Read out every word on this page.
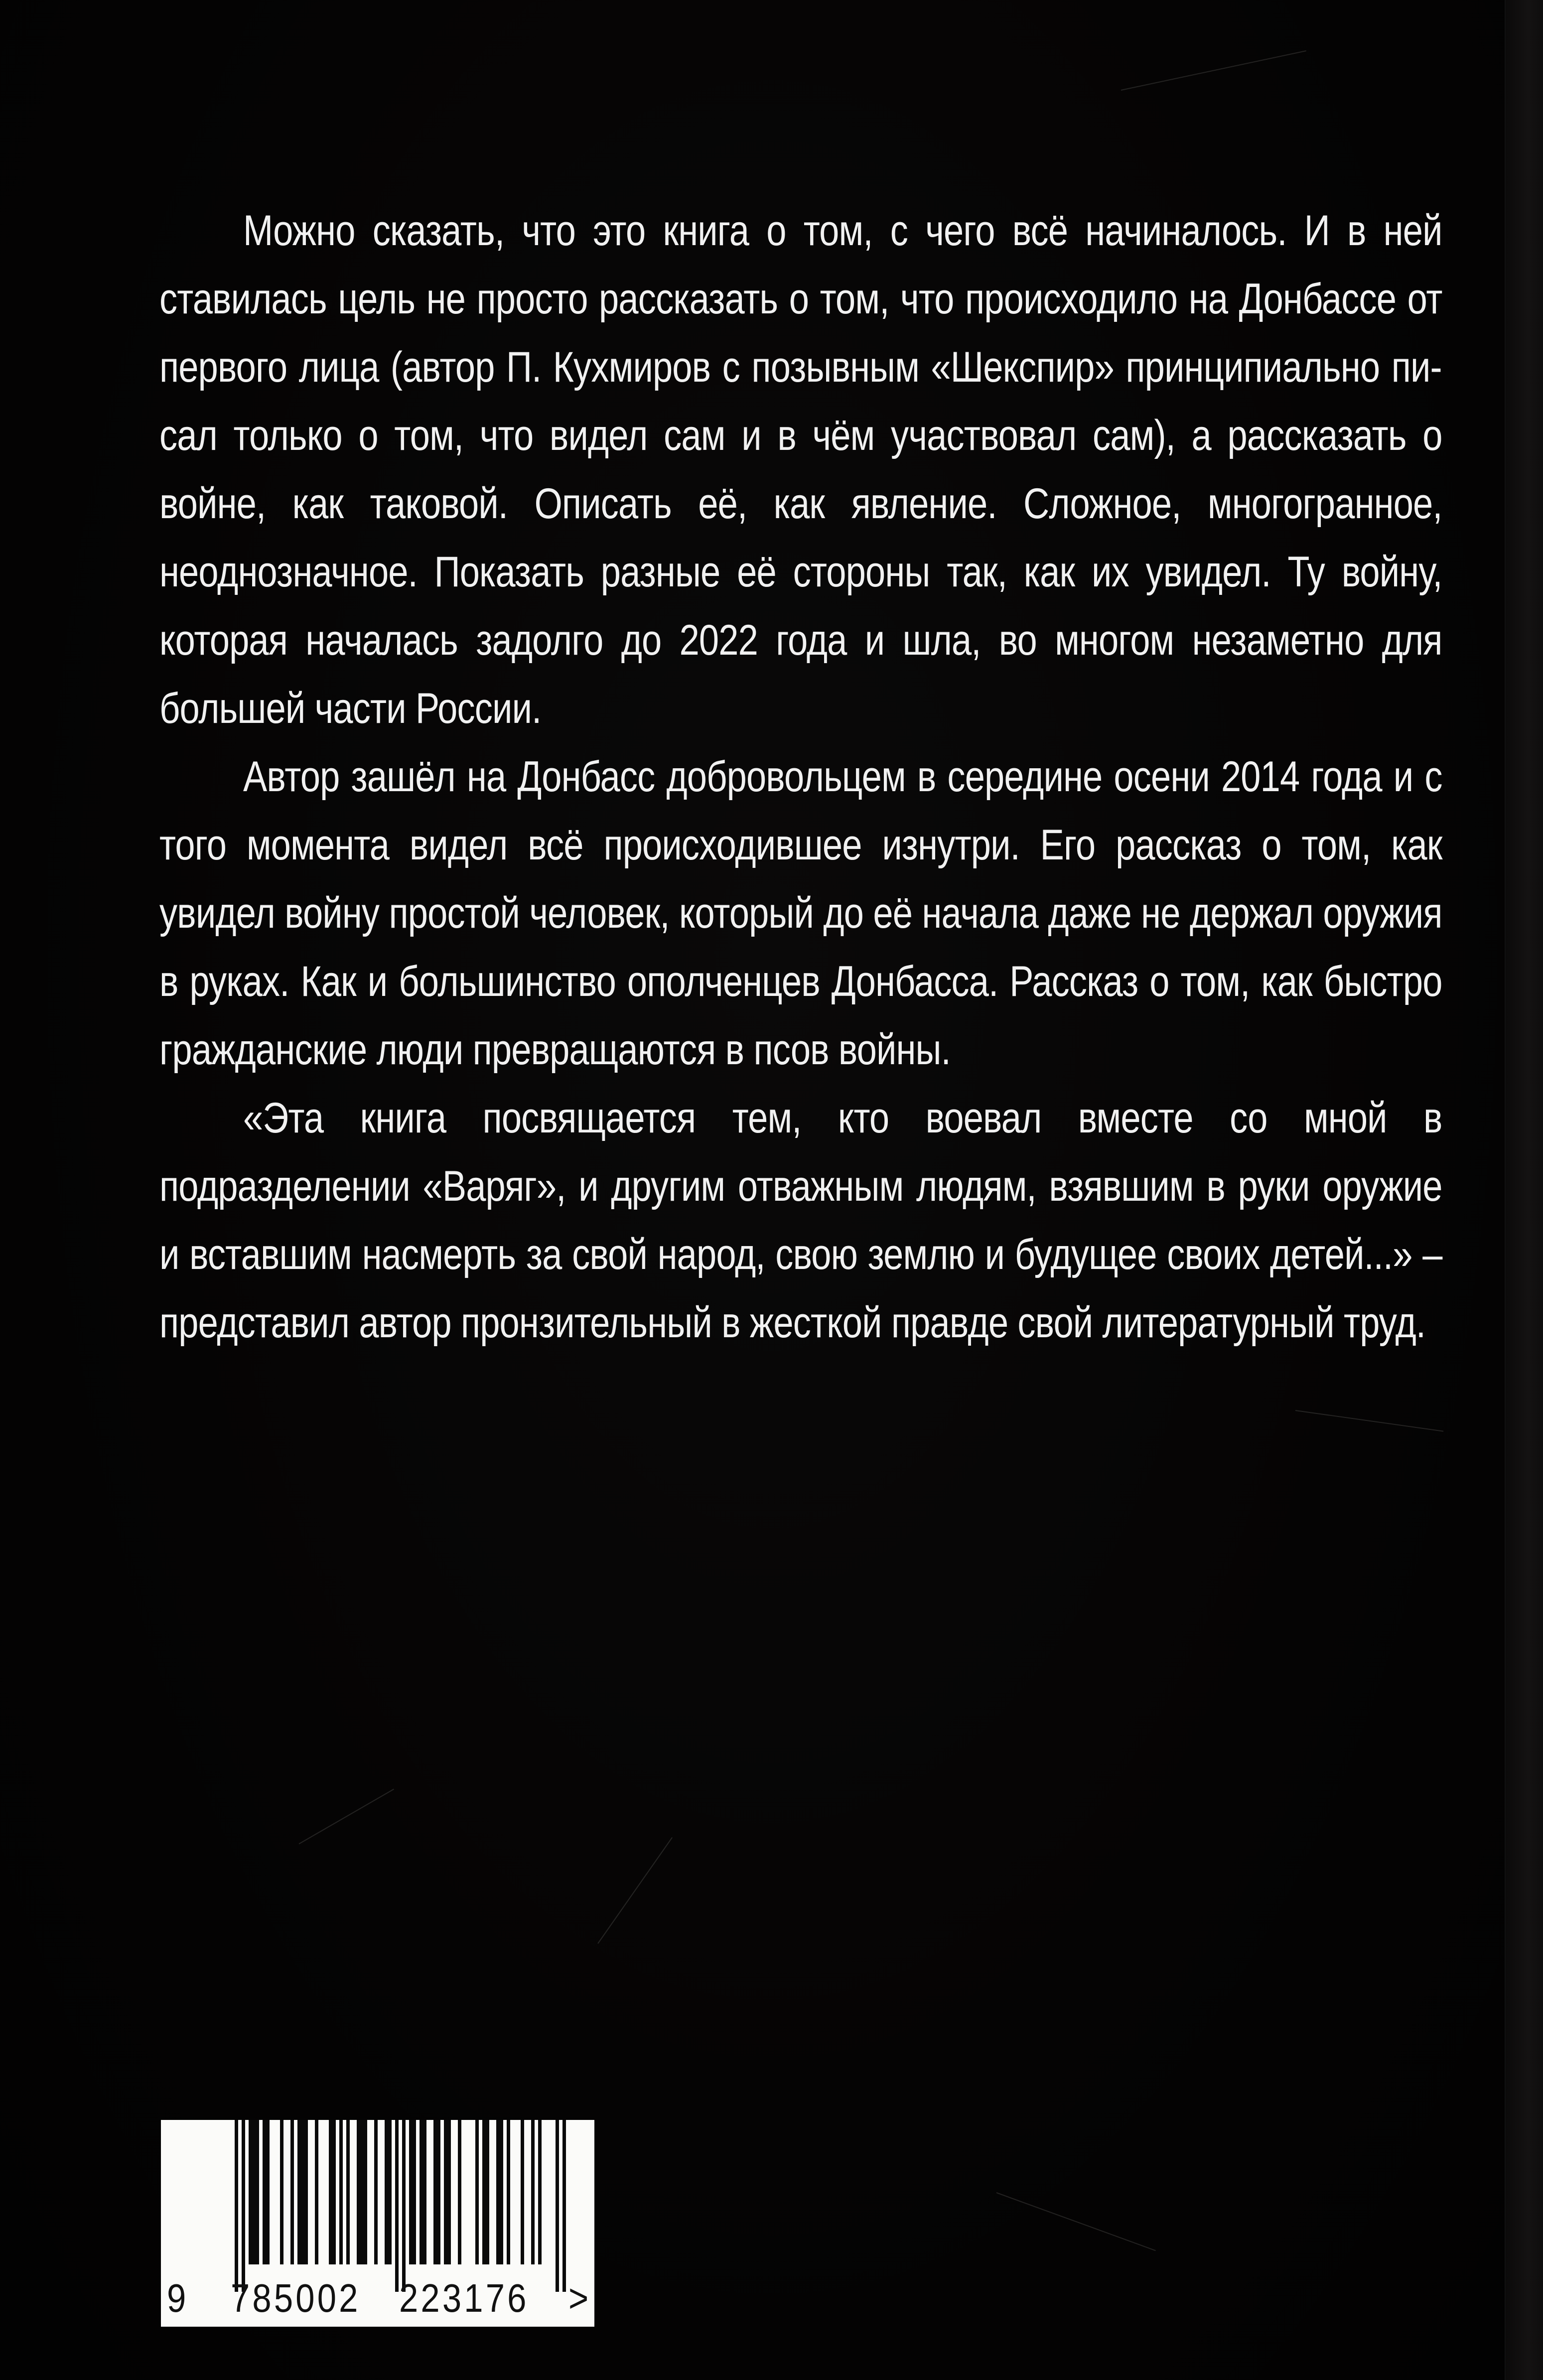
Можно сказать, что это книга о том, с чего всё начиналось. И в ней ставилась цель не просто рассказать о том, что происходило на Донбассе от первого лица (автор П. Кухмиров с позывным «Шекспир» принципиально писал только о том, что видел сам и в чём участвовал сам), а рассказать о войне, как таковой. Описать её, как явление. Сложное, многогранное, неоднозначное. Показать разные её стороны так, как их увидел. Ту войну, которая началась задолго до 2022 года и шла, во многом незаметно для большей части России.

Автор зашёл на Донбасс добровольцем в середине осени 2014 года и с того момента видел всё происходившее изнутри. Его рассказ о том, как увидел войну простой человек, который до её начала даже не держал оружия в руках. Как и большинство ополченцев Донбасса. Рассказ о том, как быстро гражданские люди превращаются в псов войны.

«Эта книга посвящается тем, кто воевал вместе со мной в подразделении «Варяг», и другим отважным людям, взявшим в руки оружие и вставшим насмерть за свой народ, свою землю и будущее своих детей...» – представил автор пронзительный в жесткой правде свой литературный труд.

9 785002 223176 >
